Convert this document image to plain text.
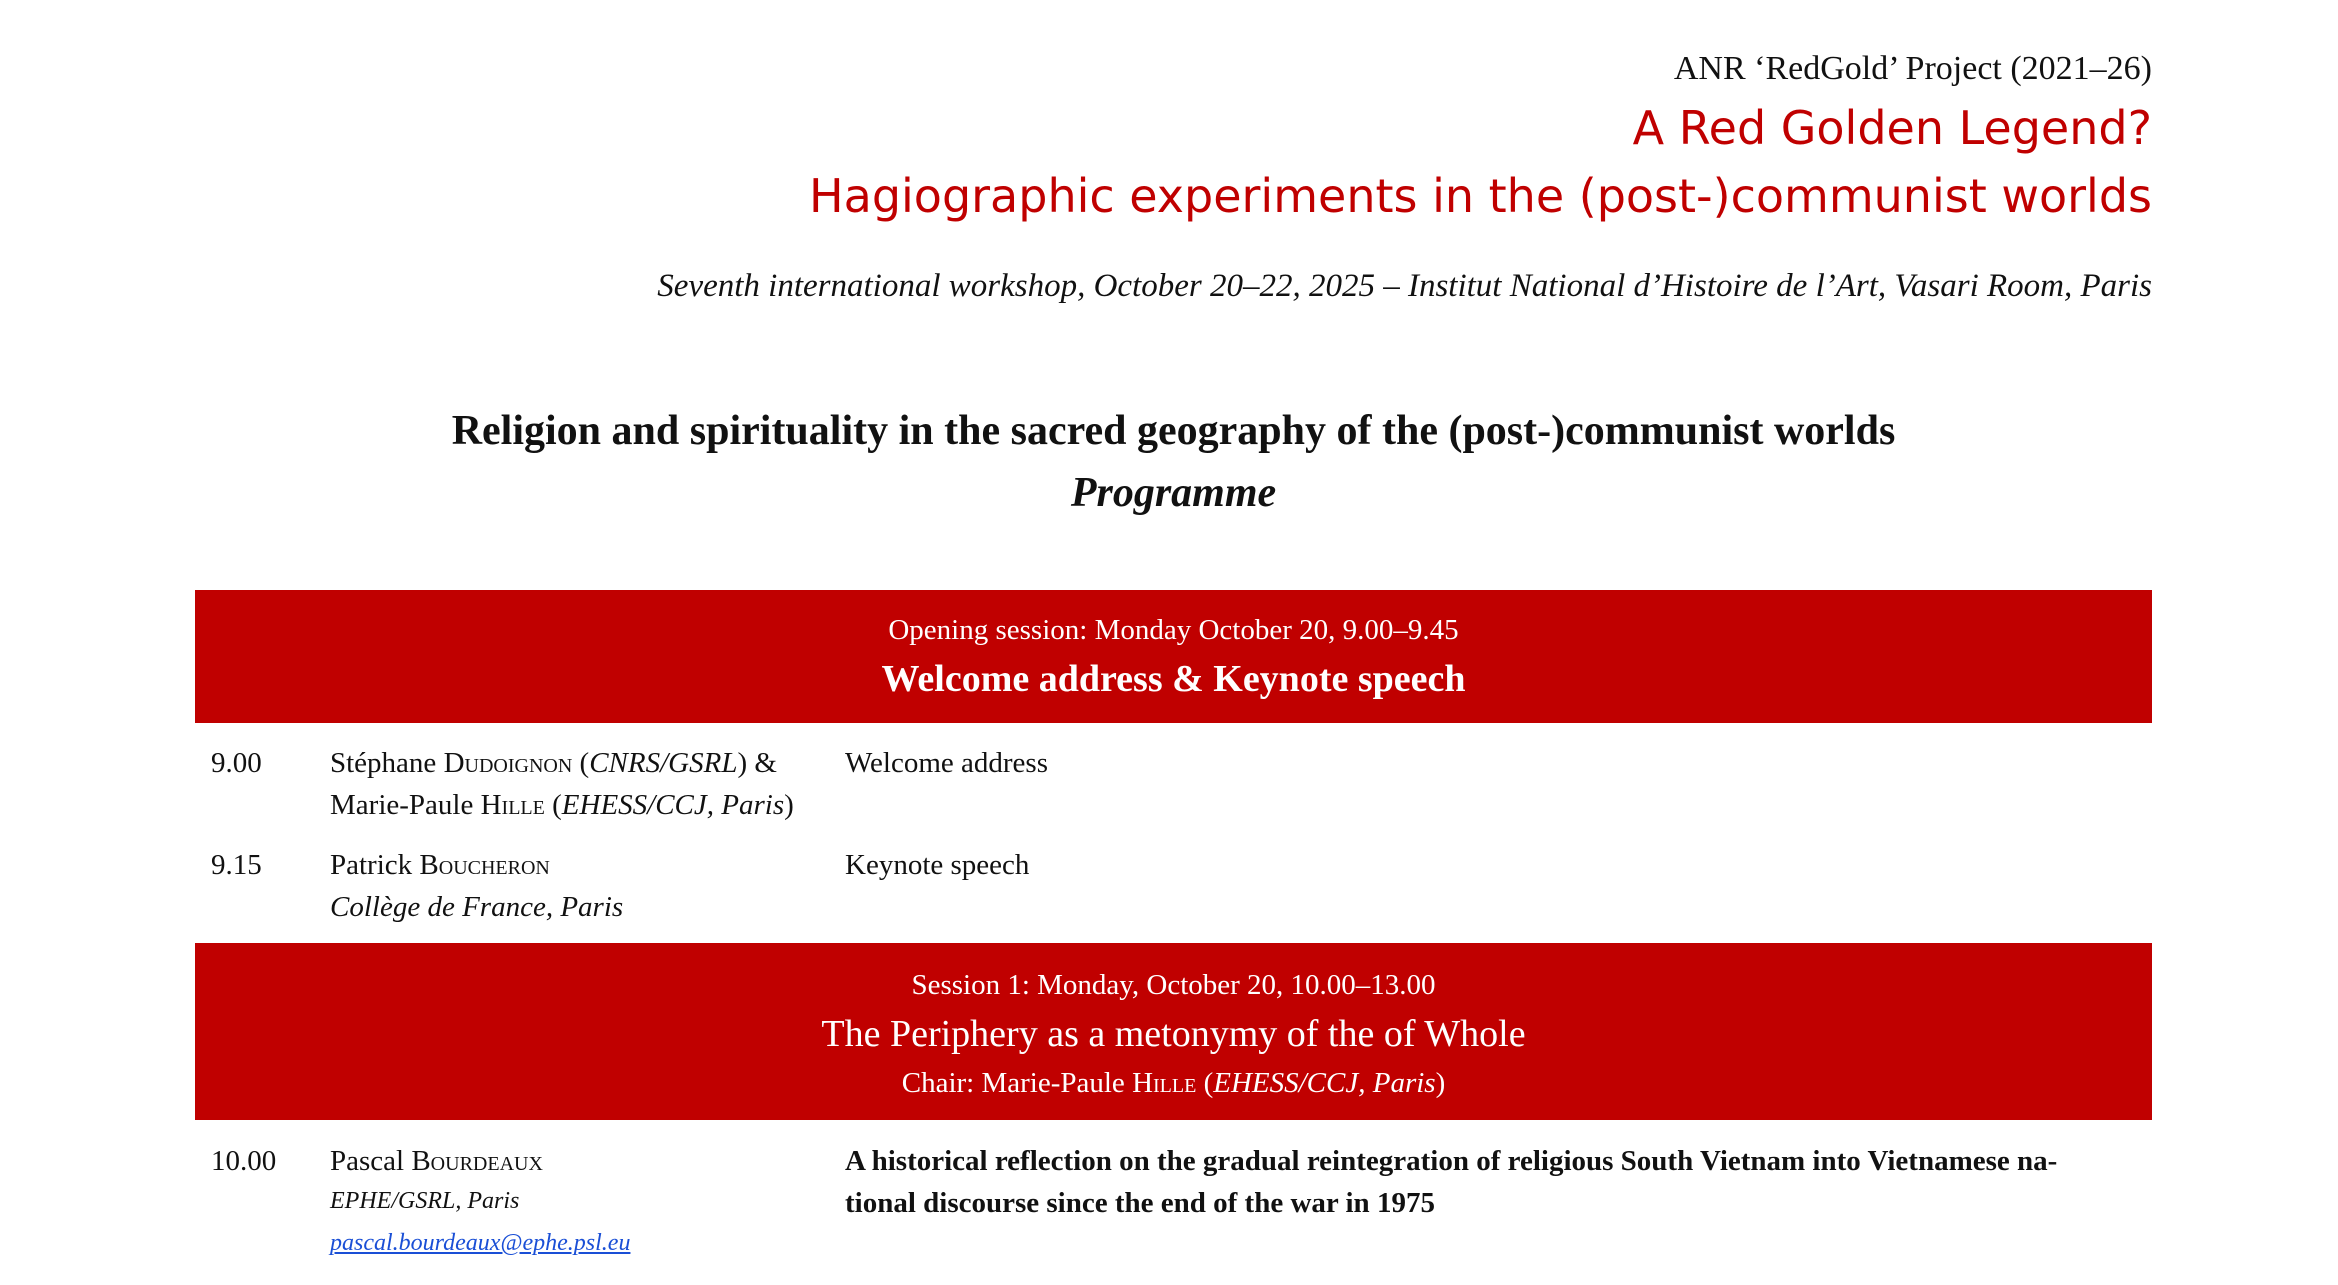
ANR ‘RedGold’ Project (2021–26)
A Red Golden Legend?
Hagiographic experiments in the (post-)communist worlds
Seventh international workshop, October 20–22, 2025 – Institut National d’Histoire de l’Art, Vasari Room, Paris
Religion and spirituality in the sacred geography of the (post-)communist worlds
Programme
Opening session: Monday October 20, 9.00–9.45
Welcome address & Keynote speech
9.00 Stéphane Dudoignon (CNRS/GSRL) &
Marie-Paule Hille (EHESS/CCJ, Paris)
Welcome address
9.15 Patrick Boucheron
Collège de France, Paris
Keynote speech
Session 1: Monday, October 20, 10.00–13.00
The Periphery as a metonymy of the of Whole
Chair: Marie-Paule Hille (EHESS/CCJ, Paris)
10.00 Pascal Bourdeaux
EPHE/GSRL, Paris
pascal.bourdeaux@ephe.psl.eu
A historical reflection on the gradual reintegration of religious South Vietnam into Vietnamese na-
tional discourse since the end of the war in 1975
